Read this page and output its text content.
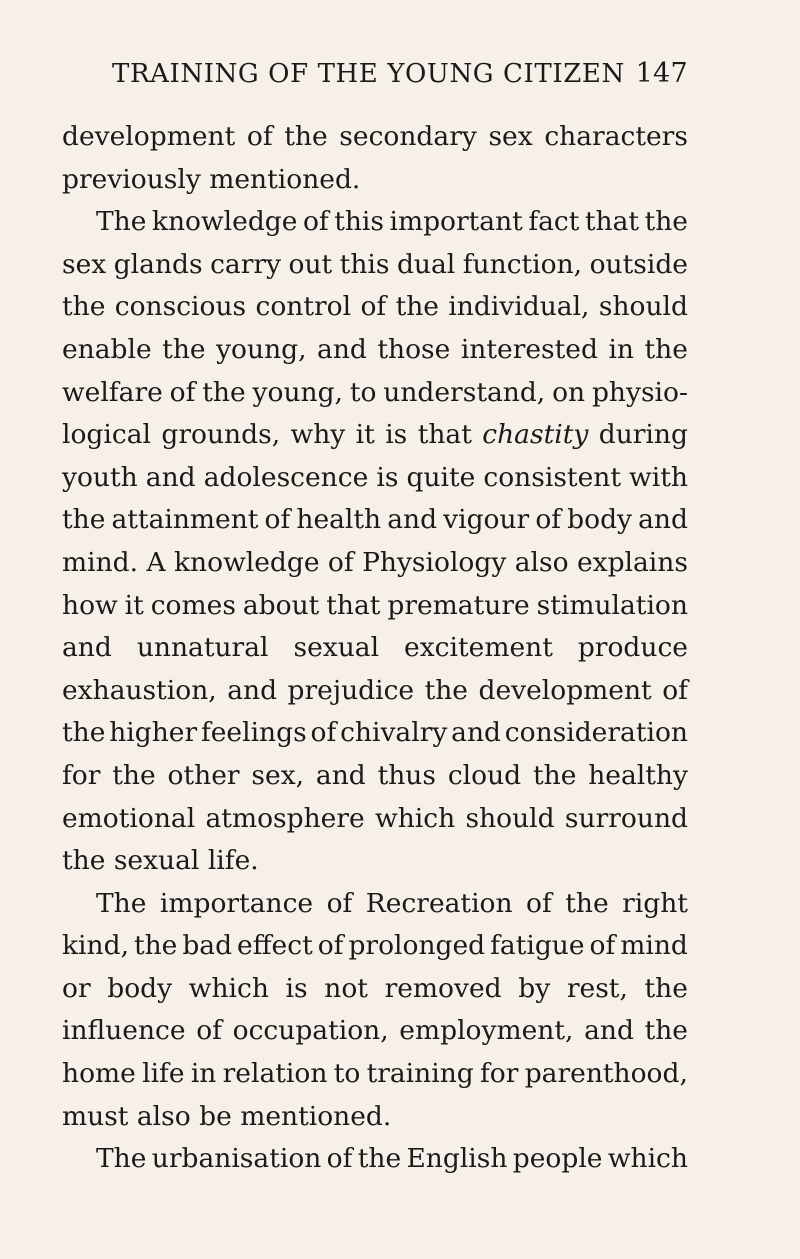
TRAINING OF THE YOUNG CITIZEN 147
development of the secondary sex characters
previously mentioned.
The knowledge of this important fact that the
sex glands carry out this dual function, outside
the conscious control of the individual, should
enable the young, and those interested in the
welfare of the young, to understand, on physio-
logical grounds, why it is that chastity during
youth and adolescence is quite consistent with
the attainment of health and vigour of body and
mind. A knowledge of Physiology also explains
how it comes about that premature stimulation
and unnatural sexual excitement produce
exhaustion, and prejudice the development of
the higher feelings of chivalry and consideration
for the other sex, and thus cloud the healthy
emotional atmosphere which should surround
the sexual life.
The importance of Recreation of the right
kind, the bad effect of prolonged fatigue of mind
or body which is not removed by rest, the
influence of occupation, employment, and the
home life in relation to training for parenthood,
must also be mentioned.
The urbanisation of the English people which
